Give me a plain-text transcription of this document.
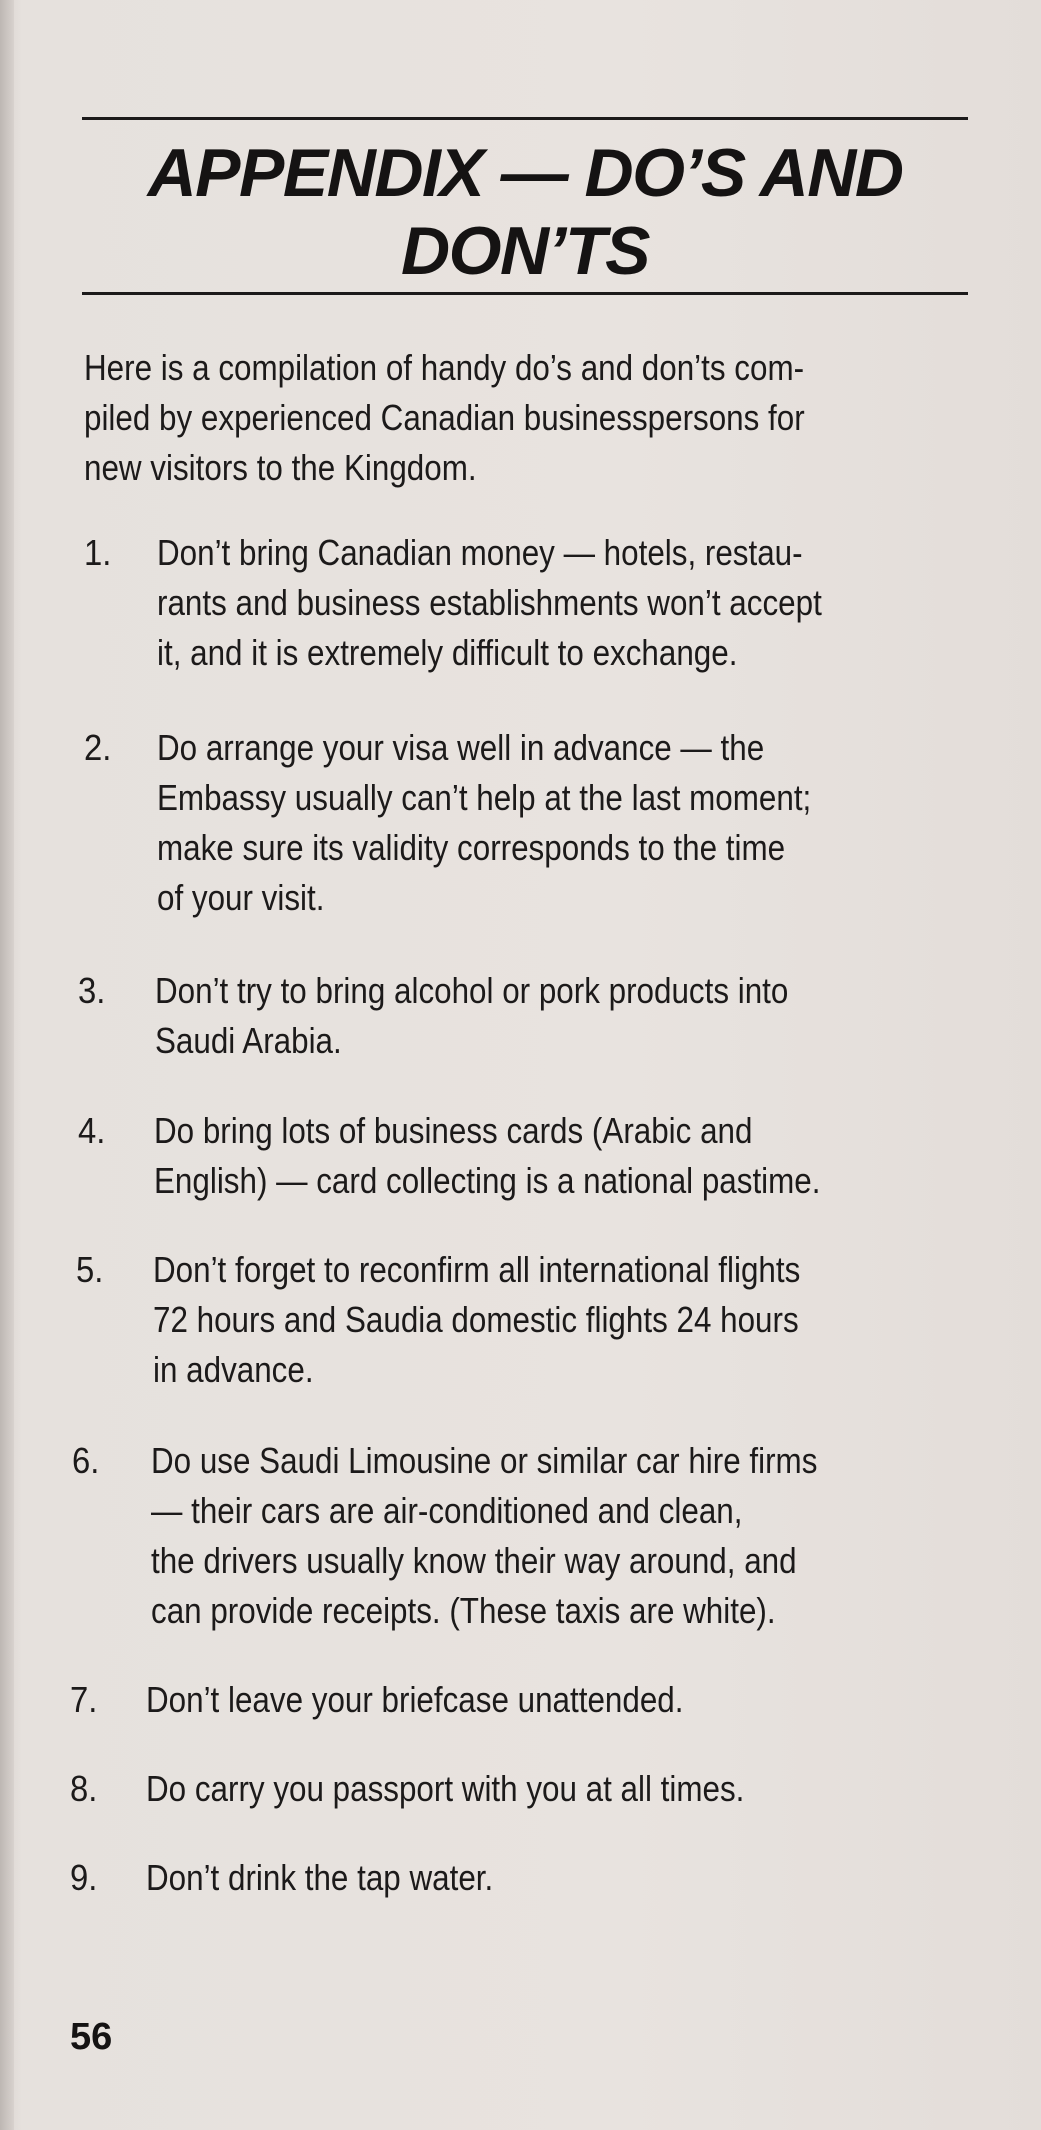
APPENDIX — DO’S AND DON’TS

Here is a compilation of handy do’s and don’ts com-
piled by experienced Canadian businesspersons for
new visitors to the Kingdom.

1. Don’t bring Canadian money — hotels, restau-
rants and business establishments won’t accept
it, and it is extremely difficult to exchange.
2. Do arrange your visa well in advance — the
Embassy usually can’t help at the last moment;
make sure its validity corresponds to the time
of your visit.
3. Don’t try to bring alcohol or pork products into
Saudi Arabia.
4. Do bring lots of business cards (Arabic and
English) — card collecting is a national pastime.
5. Don’t forget to reconfirm all international flights
72 hours and Saudia domestic flights 24 hours
in advance.
6. Do use Saudi Limousine or similar car hire firms
— their cars are air-conditioned and clean,
the drivers usually know their way around, and
can provide receipts. (These taxis are white).
7. Don’t leave your briefcase unattended.
8. Do carry you passport with you at all times.
9. Don’t drink the tap water.
56
